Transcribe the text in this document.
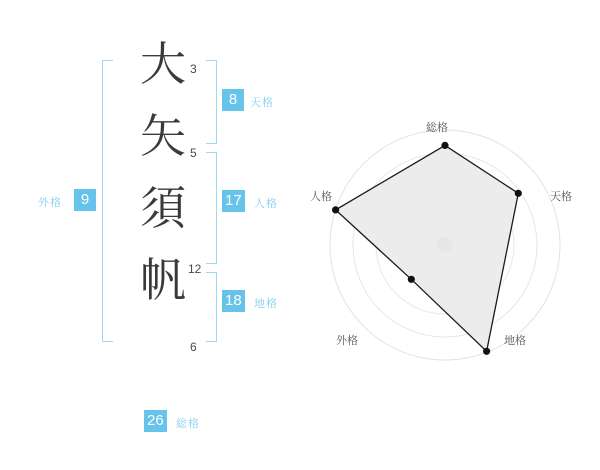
大
矢
須
帆
3
5
12
6
8	天格
17 人格
18 地格
9
外格
26 総格
総格
天格
地格
外格
人格
